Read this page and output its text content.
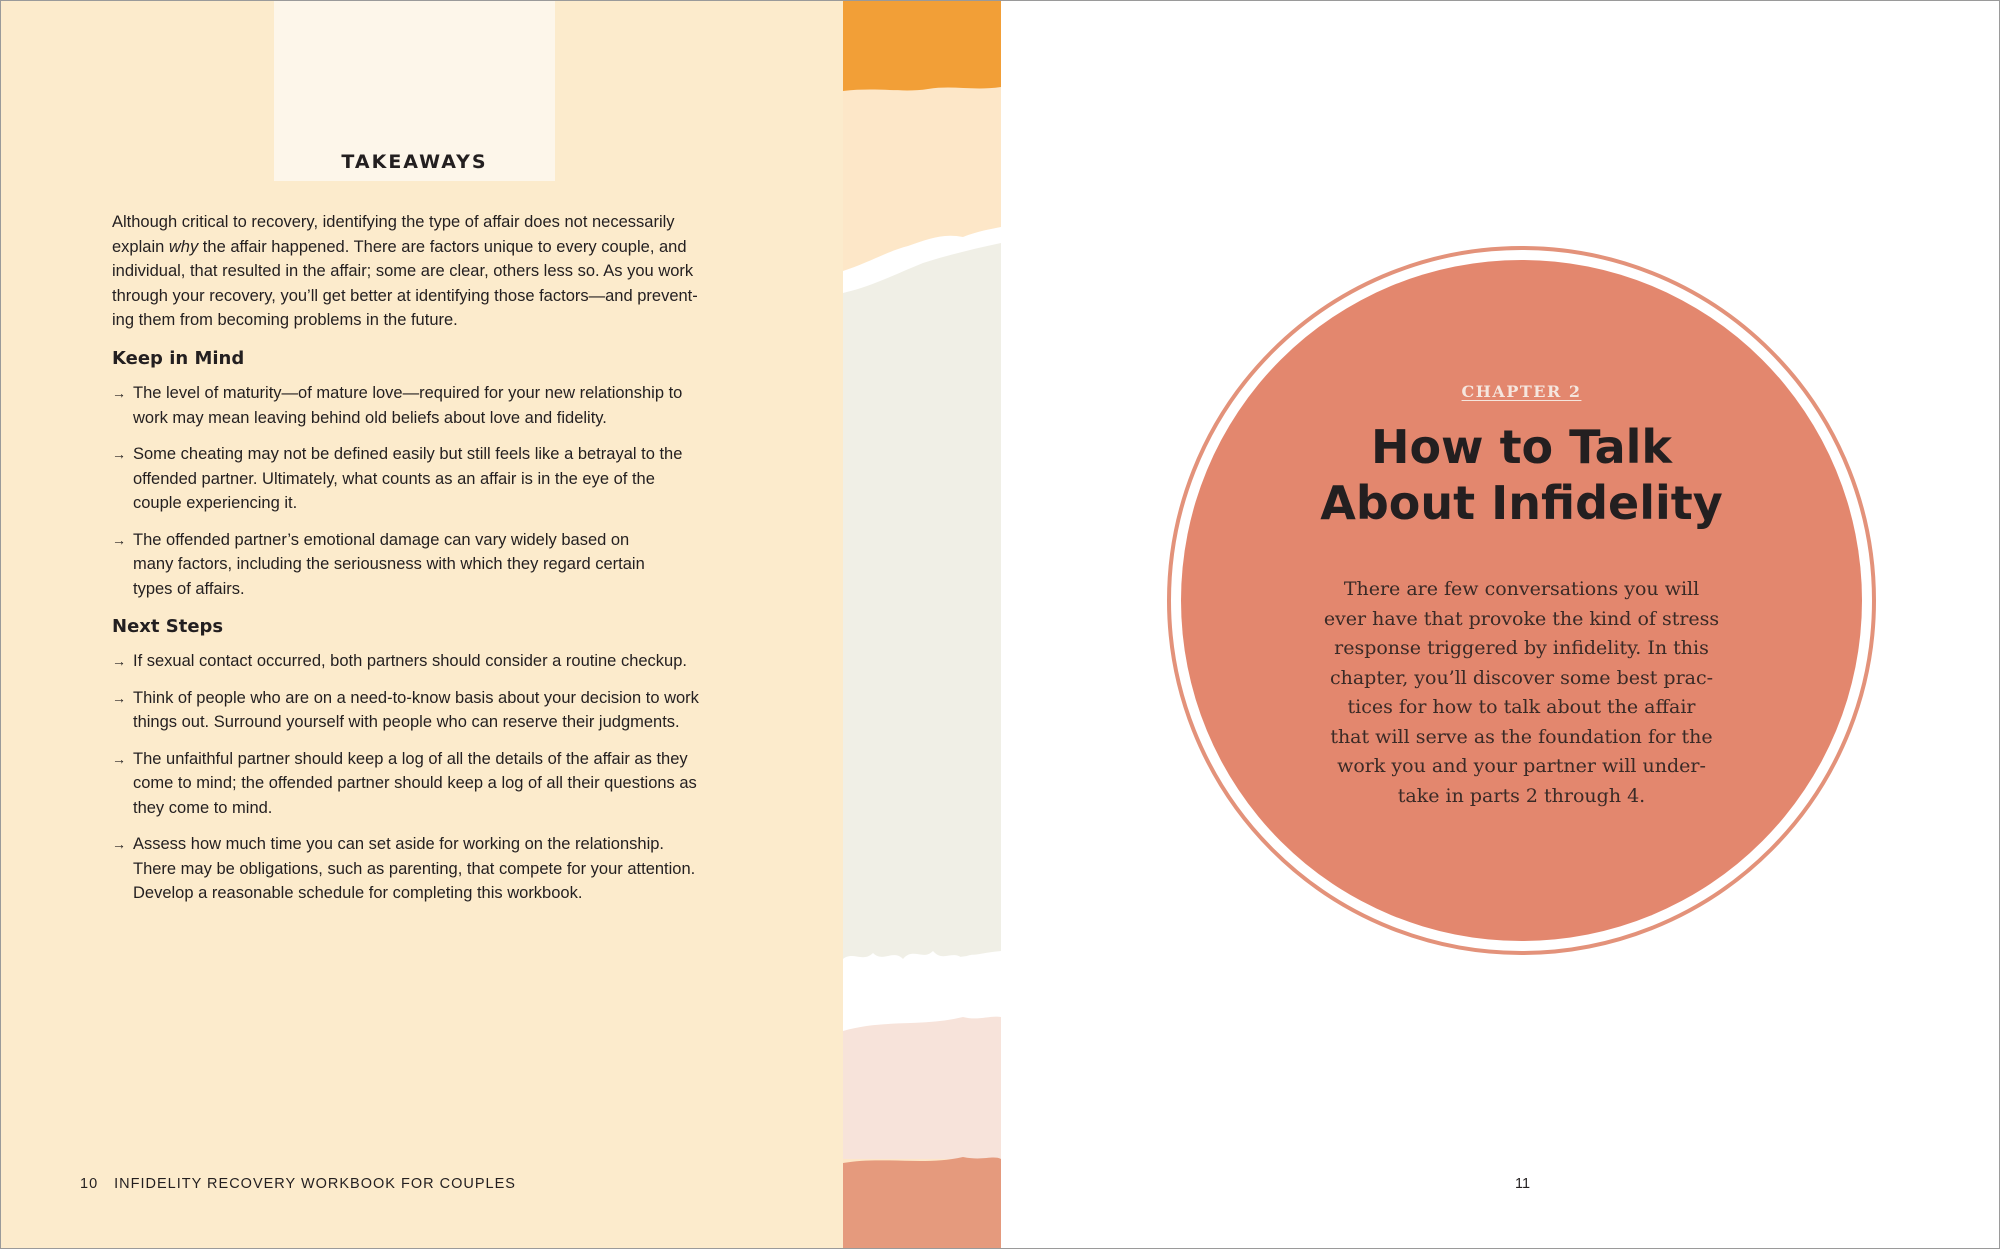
TAKEAWAYS
Although critical to recovery, identifying the type of affair does not necessarily
explain why the affair happened. There are factors unique to every couple, and
individual, that resulted in the affair; some are clear, others less so. As you work
through your recovery, you’ll get better at identifying those factors—and prevent-
ing them from becoming problems in the future.
Keep in Mind
→ The level of maturity—of mature love—required for your new relationship to
work may mean leaving behind old beliefs about love and fidelity.
→ Some cheating may not be defined easily but still feels like a betrayal to the
offended partner. Ultimately, what counts as an affair is in the eye of the
couple experiencing it.
→ The offended partner’s emotional damage can vary widely based on
many factors, including the seriousness with which they regard certain
types of affairs.
Next Steps
→ If sexual contact occurred, both partners should consider a routine checkup.
→ Think of people who are on a need-to-know basis about your decision to work
things out. Surround yourself with people who can reserve their judgments.
→ The unfaithful partner should keep a log of all the details of the affair as they
come to mind; the offended partner should keep a log of all their questions as
they come to mind.
→ Assess how much time you can set aside for working on the relationship.
There may be obligations, such as parenting, that compete for your attention.
Develop a reasonable schedule for completing this workbook.
10 INFIDELITY RECOVERY WORKBOOK FOR COUPLES
CHAPTER 2
How to Talk
About Infidelity
There are few conversations you will
ever have that provoke the kind of stress
response triggered by infidelity. In this
chapter, you’ll discover some best prac-
tices for how to talk about the affair
that will serve as the foundation for the
work you and your partner will under-
take in parts 2 through 4.
11
